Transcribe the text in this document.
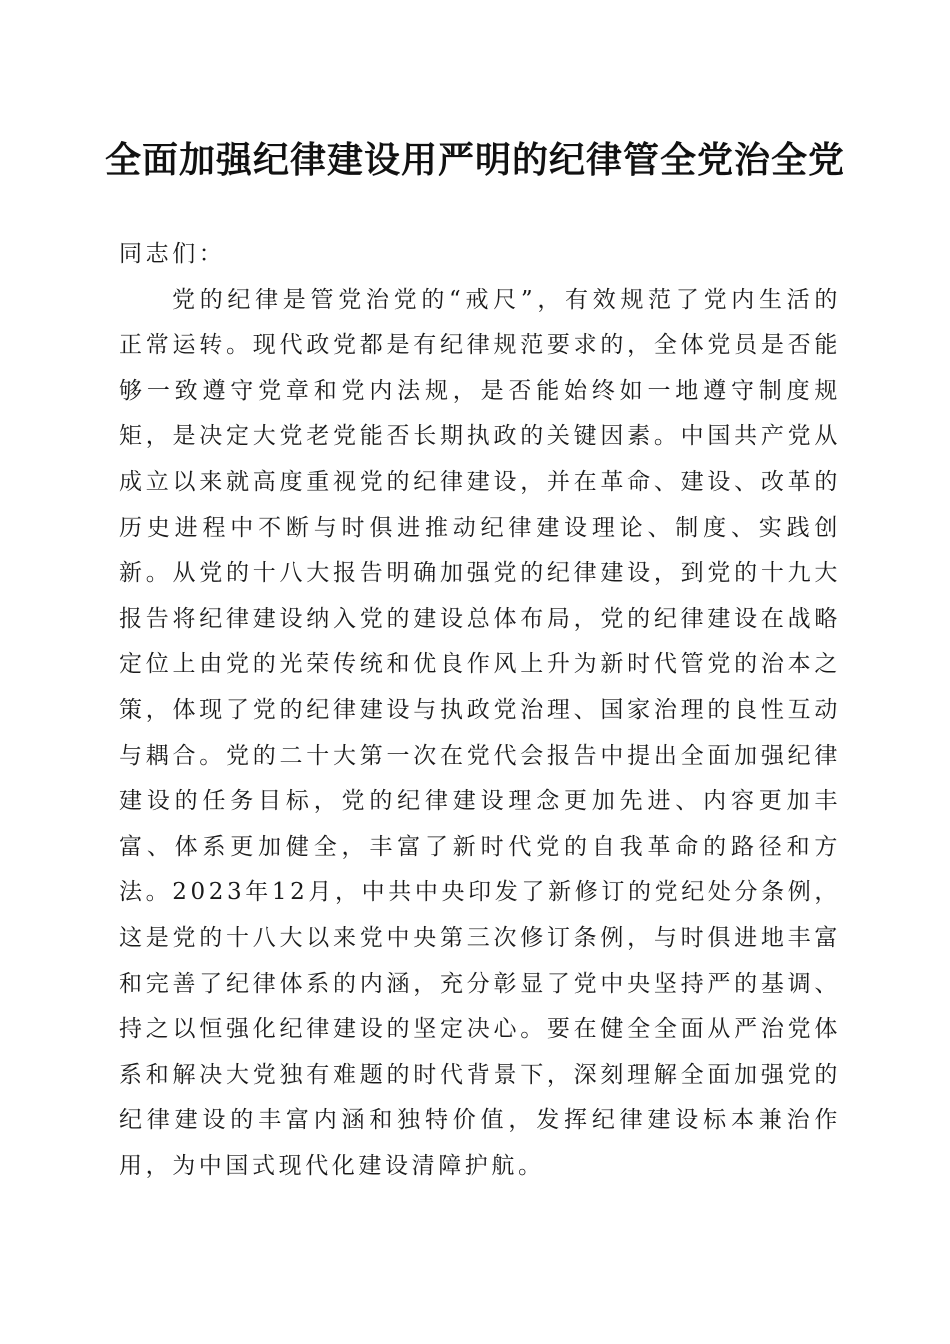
全面加强纪律建设用严明的纪律管全党治全党

同志们：

党的纪律是管党治党的“戒尺”，有效规范了党内生活的正常运转。现代政党都是有纪律规范要求的，全体党员是否能够一致遵守党章和党内法规，是否能始终如一地遵守制度规矩，是决定大党老党能否长期执政的关键因素。中国共产党从成立以来就高度重视党的纪律建设，并在革命、建设、改革的历史进程中不断与时俱进推动纪律建设理论、制度、实践创新。从党的十八大报告明确加强党的纪律建设，到党的十九大报告将纪律建设纳入党的建设总体布局，党的纪律建设在战略定位上由党的光荣传统和优良作风上升为新时代管党的治本之策，体现了党的纪律建设与执政党治理、国家治理的良性互动与耦合。党的二十大第一次在党代会报告中提出全面加强纪律建设的任务目标，党的纪律建设理念更加先进、内容更加丰富、体系更加健全，丰富了新时代党的自我革命的路径和方法。2023年12月，中共中央印发了新修订的党纪处分条例，这是党的十八大以来党中央第三次修订条例，与时俱进地丰富和完善了纪律体系的内涵，充分彰显了党中央坚持严的基调、持之以恒强化纪律建设的坚定决心。要在健全全面从严治党体系和解决大党独有难题的时代背景下，深刻理解全面加强党的纪律建设的丰富内涵和独特价值，发挥纪律建设标本兼治作用，为中国式现代化建设清障护航。
